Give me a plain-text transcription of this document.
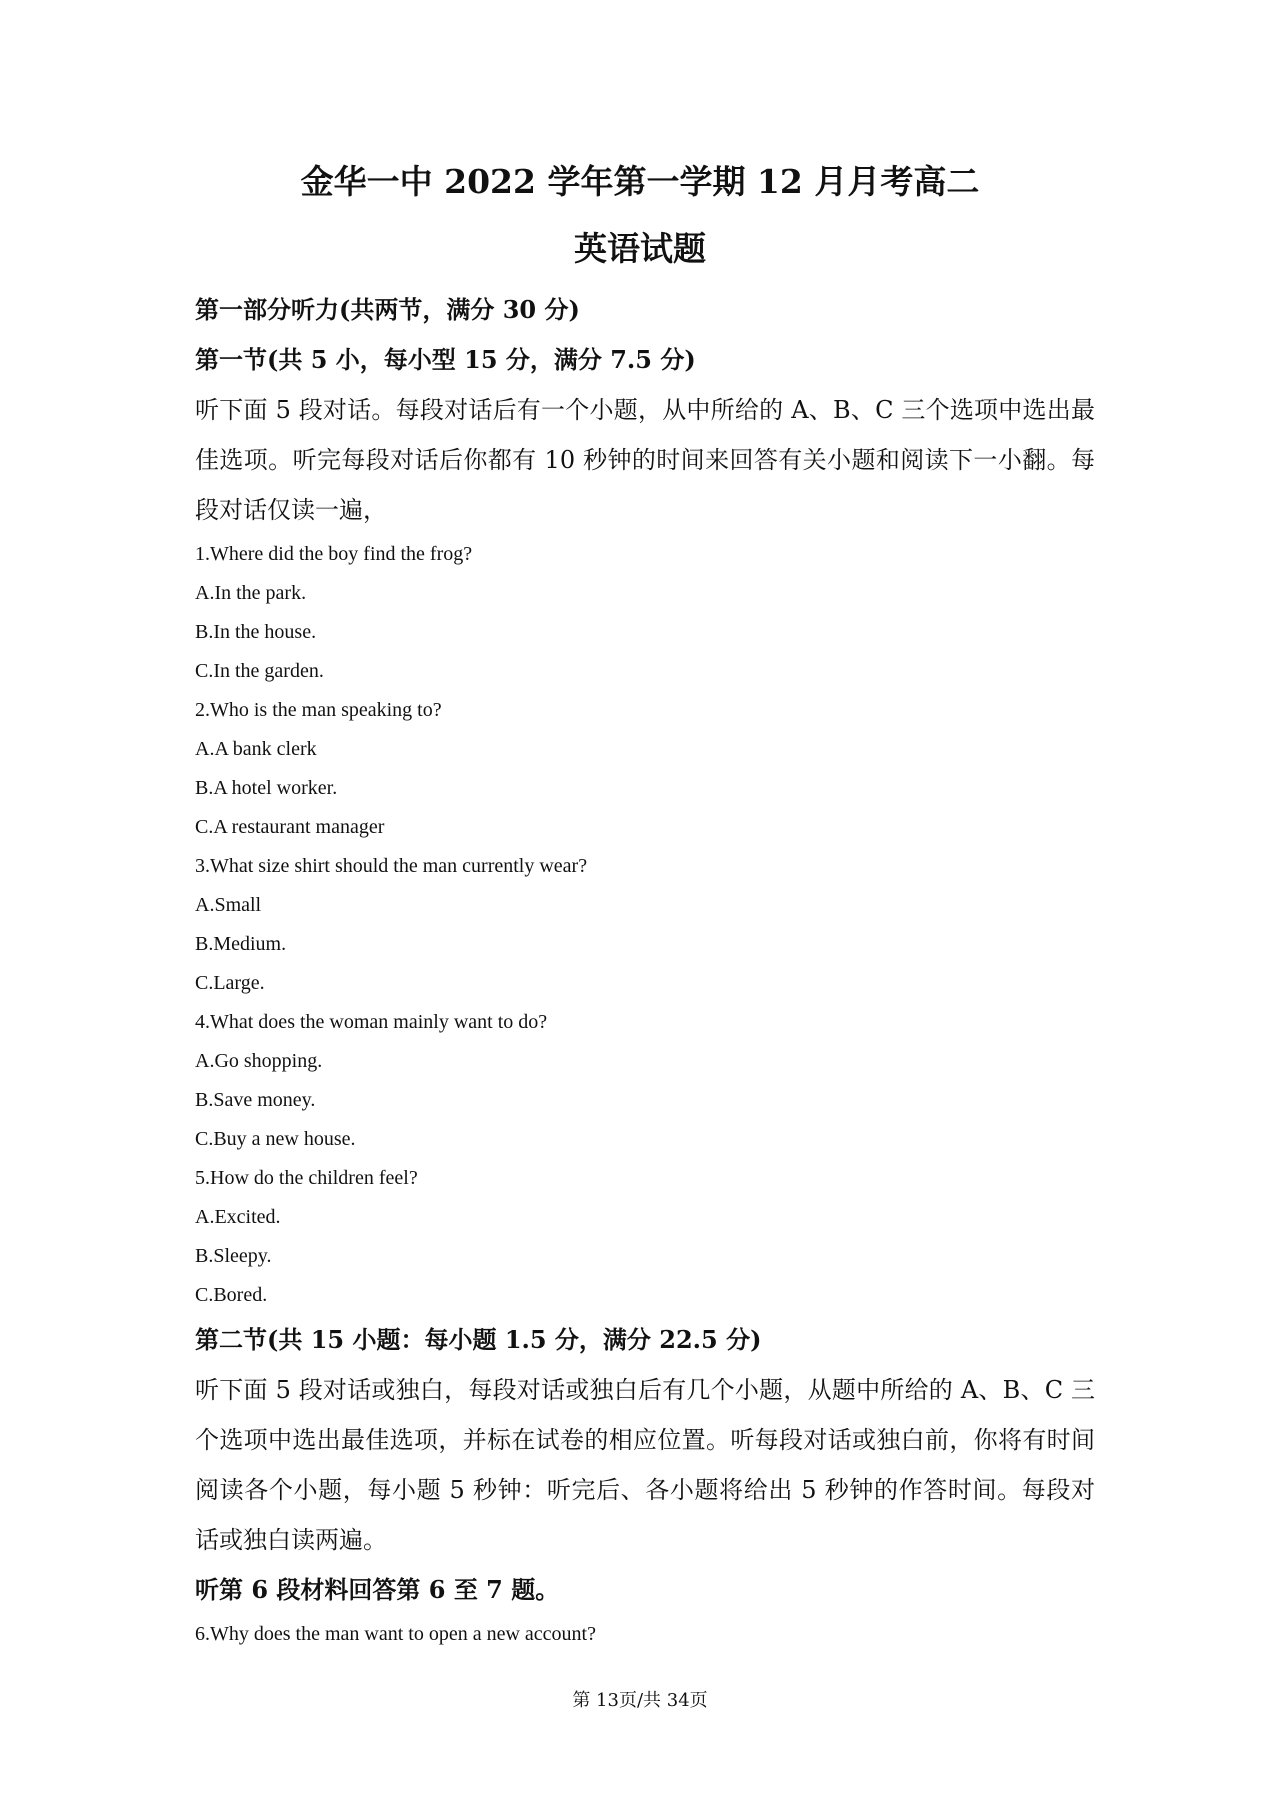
金华一中 2022 学年第一学期 12 月月考高二
英语试题
第一部分听力(共两节，满分 30 分)
第一节(共 5 小，每小型 15 分，满分 7.5 分)
听下面 5 段对话。每段对话后有一个小题，从中所给的 A、B、C 三个选项中选出最佳选项。听完每段对话后你都有 10 秒钟的时间来回答有关小题和阅读下一小翻。每段对话仅读一遍，
1.Where did the boy find the frog?
A.In the park.
B.In the house.
C.In the garden.
2.Who is the man speaking to?
A.A bank clerk
B.A hotel worker.
C.A restaurant manager
3.What size shirt should the man currently wear?
A.Small
B.Medium.
C.Large.
4.What does the woman mainly want to do?
A.Go shopping.
B.Save money.
C.Buy a new house.
5.How do the children feel?
A.Excited.
B.Sleepy.
C.Bored.
第二节(共 15 小题：每小题 1.5 分，满分 22.5 分)
听下面 5 段对话或独白，每段对话或独白后有几个小题，从题中所给的 A、B、C 三个选项中选出最佳选项，并标在试卷的相应位置。听每段对话或独白前，你将有时间阅读各个小题，每小题 5 秒钟：听完后、各小题将给出 5 秒钟的作答时间。每段对话或独白读两遍。
听第 6 段材料回答第 6 至 7 题。
6.Why does the man want to open a new account?
第 13页/共 34页
